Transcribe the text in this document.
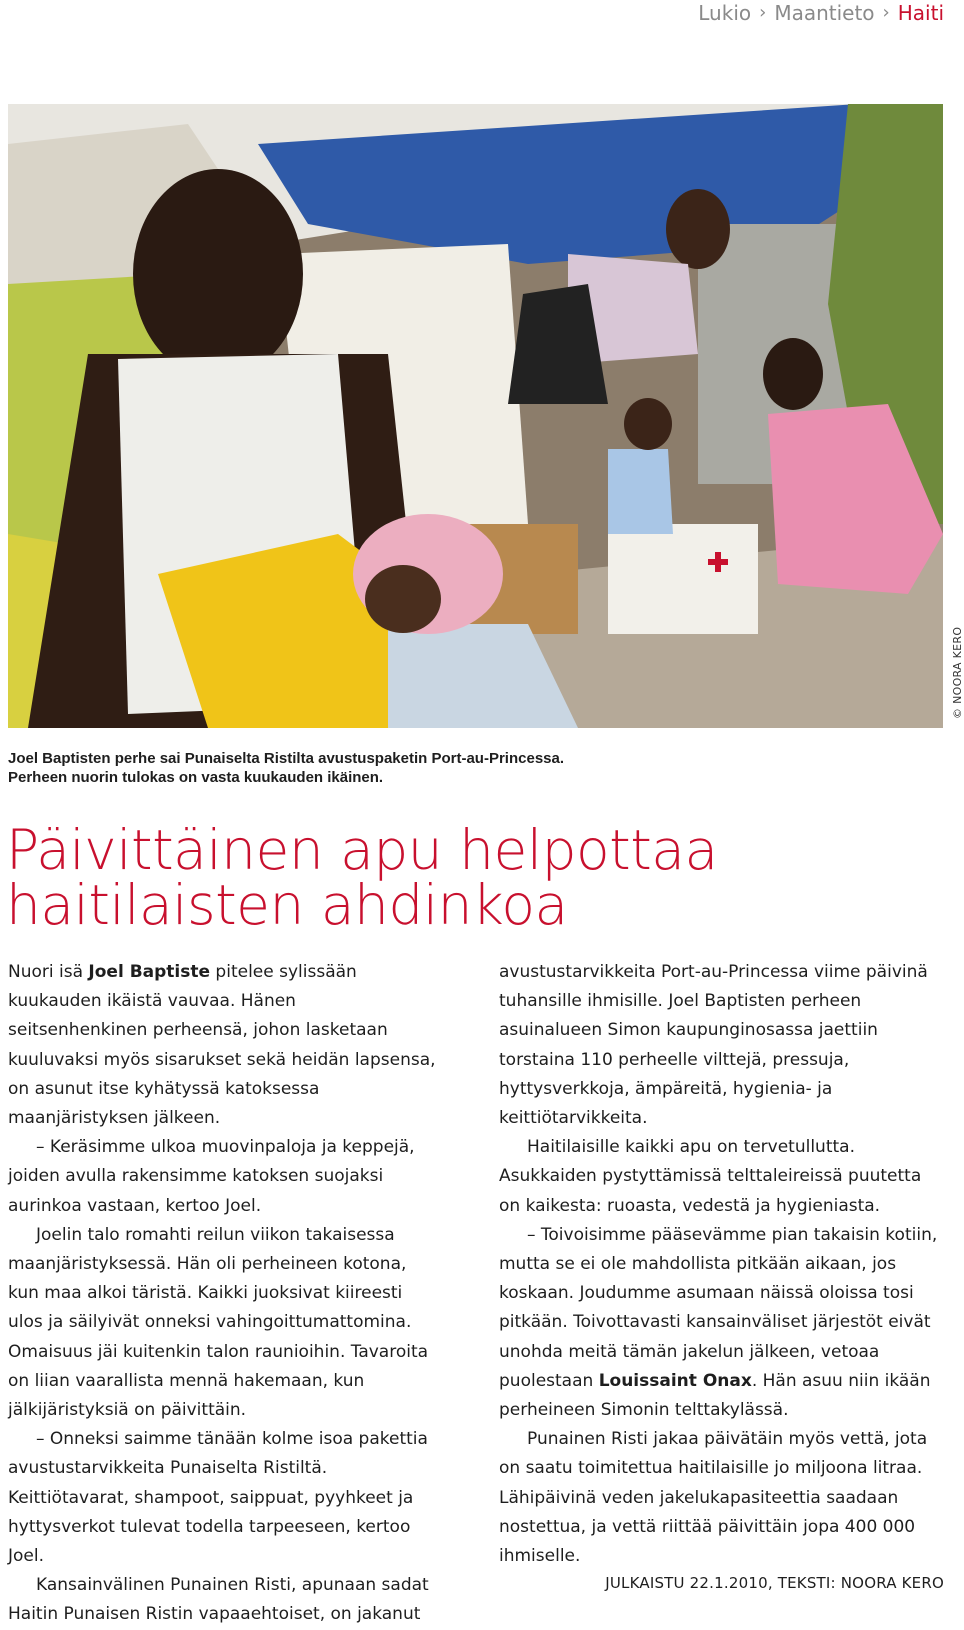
Lukio › Maantieto › Haiti
© NOORA KERO
Joel Baptisten perhe sai Punaiselta Ristilta avustuspaketin Port-au-Princessa.
Perheen nuorin tulokas on vasta kuukauden ikäinen.
Päivittäinen apu helpottaa
haitilaisten ahdinkoa

Nuori isä Joel Baptiste pitelee sylissään kuukauden ikäistä vauvaa. Hänen seitsenhenkinen perheensä, johon lasketaan kuuluvaksi myös sisarukset sekä heidän lapsensa, on asunut itse kyhätyssä katoksessa maanjäristyksen jälkeen.

– Keräsimme ulkoa muovinpaloja ja keppejä, joiden avulla rakensimme katoksen suojaksi aurinkoa vastaan, kertoo Joel.

Joelin talo romahti reilun viikon takaisessa maanjäristyksessä. Hän oli perheineen kotona, kun maa alkoi täristä. Kaikki juoksivat kiireesti ulos ja säilyivät onneksi vahingoittumattomina. Omaisuus jäi kuitenkin talon raunioihin. Tavaroita on liian vaarallista mennä hakemaan, kun jälkijäristyksiä on päivittäin.

– Onneksi saimme tänään kolme isoa pakettia avustustarvikkeita Punaiselta Ristiltä. Keittiötavarat, shampoot, saippuat, pyyhkeet ja hyttysverkot tulevat todella tarpeeseen, kertoo Joel.

Kansainvälinen Punainen Risti, apunaan sadat Haitin Punaisen Ristin vapaaehtoiset, on jakanut

avustustarvikkeita Port-au-Princessa viime päivinä tuhansille ihmisille. Joel Baptisten perheen asuinalueen Simon kaupunginosassa jaettiin torstaina 110 perheelle vilttejä, pressuja, hyttysverkkoja, ämpäreitä, hygienia- ja keittiötarvikkeita.

Haitilaisille kaikki apu on tervetullutta. Asukkaiden pystyttämissä telttaleireissä puutetta on kaikesta: ruoasta, vedestä ja hygieniasta.

– Toivoisimme pääsevämme pian takaisin kotiin, mutta se ei ole mahdollista pitkään aikaan, jos koskaan. Joudumme asumaan näissä oloissa tosi pitkään. Toivottavasti kansainväliset järjestöt eivät unohda meitä tämän jakelun jälkeen, vetoaa puolestaan Louissaint Onax. Hän asuu niin ikään perheineen Simonin telttakylässä.

Punainen Risti jakaa päivätäin myös vettä, jota on saatu toimitettua haitilaisille jo miljoona litraa. Lähipäivinä veden jakelukapasiteettia saadaan nostettua, ja vettä riittää päivittäin jopa 400 000 ihmiselle.

JULKAISTU 22.1.2010, TEKSTI: NOORA KERO
